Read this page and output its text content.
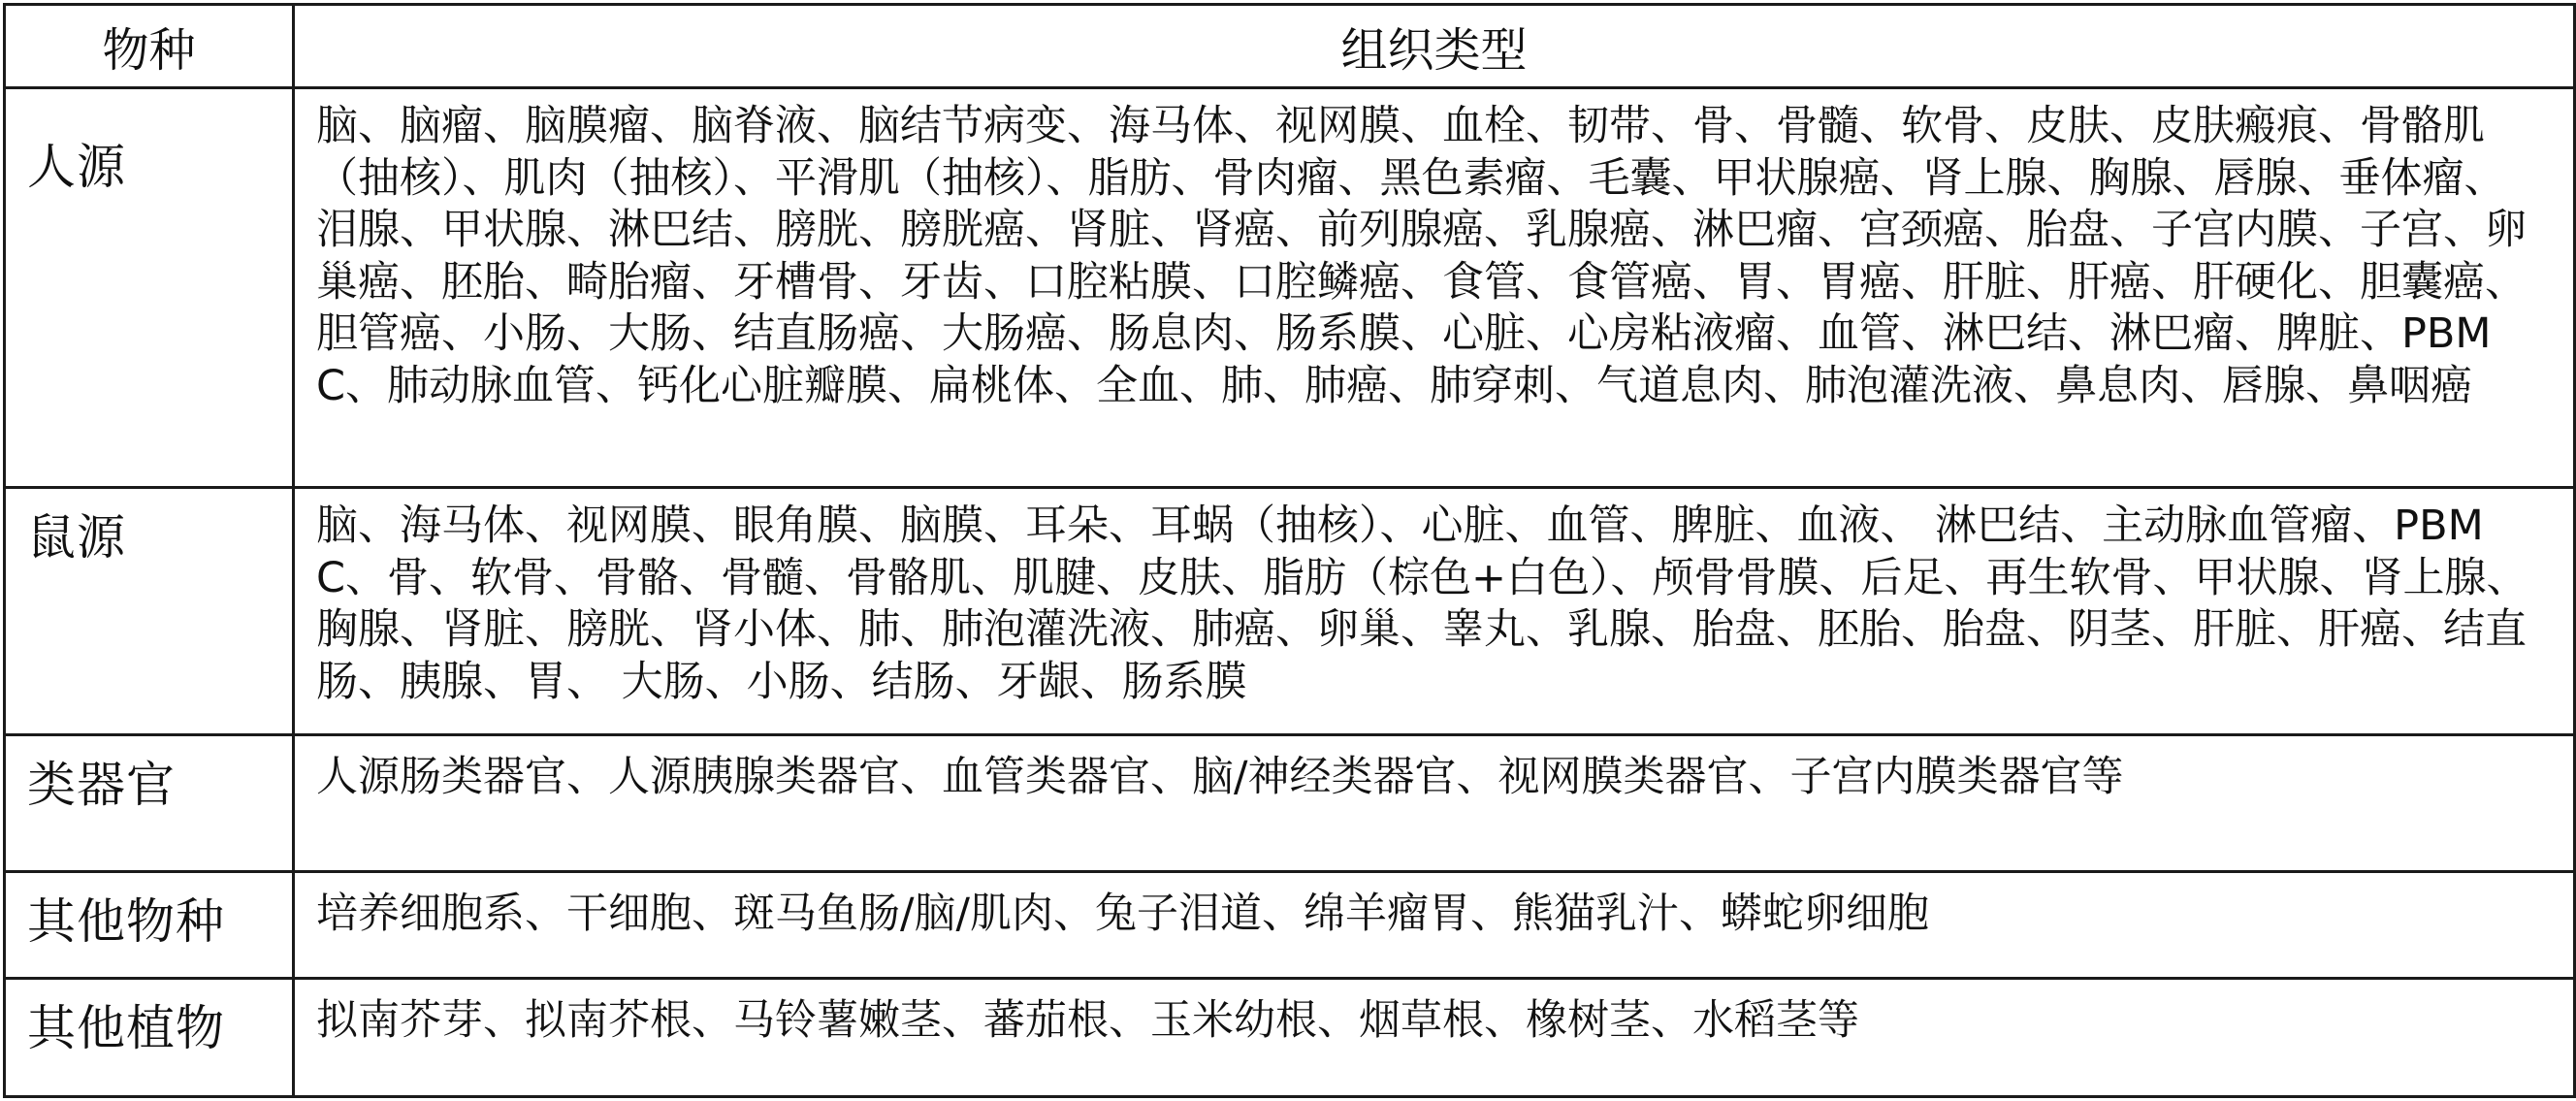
物种	组织类型
人源	脑、脑瘤、脑膜瘤、脑脊液、脑结节病变、海马体、视网膜、血栓、韧带、骨、骨髓、软骨、皮肤、皮肤瘢痕、骨骼肌（抽核）、肌肉（抽核）、平滑肌（抽核）、脂肪、骨肉瘤、黑色素瘤、毛囊、甲状腺癌、肾上腺、胸腺、唇腺、垂体瘤、泪腺、甲状腺、淋巴结、膀胱、膀胱癌、肾脏、肾癌、前列腺癌、乳腺癌、淋巴瘤、宫颈癌、胎盘、子宫内膜、子宫、卵巢癌、胚胎、畸胎瘤、牙槽骨、牙齿、口腔粘膜、口腔鳞癌、食管、食管癌、胃、胃癌、肝脏、肝癌、肝硬化、胆囊癌、胆管癌、小肠、大肠、结直肠癌、大肠癌、肠息肉、肠系膜、心脏、心房粘液瘤、血管、淋巴结、淋巴瘤、脾脏、PBMC、肺动脉血管、钙化心脏瓣膜、扁桃体、全血、肺、肺癌、肺穿刺、气道息肉、肺泡灌洗液、鼻息肉、唇腺、鼻咽癌
鼠源	脑、海马体、视网膜、眼角膜、脑膜、耳朵、耳蜗（抽核）、心脏、血管、脾脏、血液、 淋巴结、主动脉血管瘤、PBMC、骨、软骨、骨骼、骨髓、骨骼肌、肌腱、皮肤、脂肪（棕色+白色）、颅骨骨膜、后足、再生软骨、甲状腺、肾上腺、胸腺、肾脏、膀胱、肾小体、肺、肺泡灌洗液、肺癌、卵巢、睾丸、乳腺、胎盘、胚胎、胎盘、阴茎、肝脏、肝癌、结直肠、胰腺、胃、 大肠、小肠、结肠、牙龈、肠系膜
类器官	人源肠类器官、人源胰腺类器官、血管类器官、脑/神经类器官、视网膜类器官、子宫内膜类器官等
其他物种	培养细胞系、干细胞、斑马鱼肠/脑/肌肉、兔子泪道、绵羊瘤胃、熊猫乳汁、蟒蛇卵细胞
其他植物	拟南芥芽、拟南芥根、马铃薯嫩茎、蕃茄根、玉米幼根、烟草根、橡树茎、水稻茎等
